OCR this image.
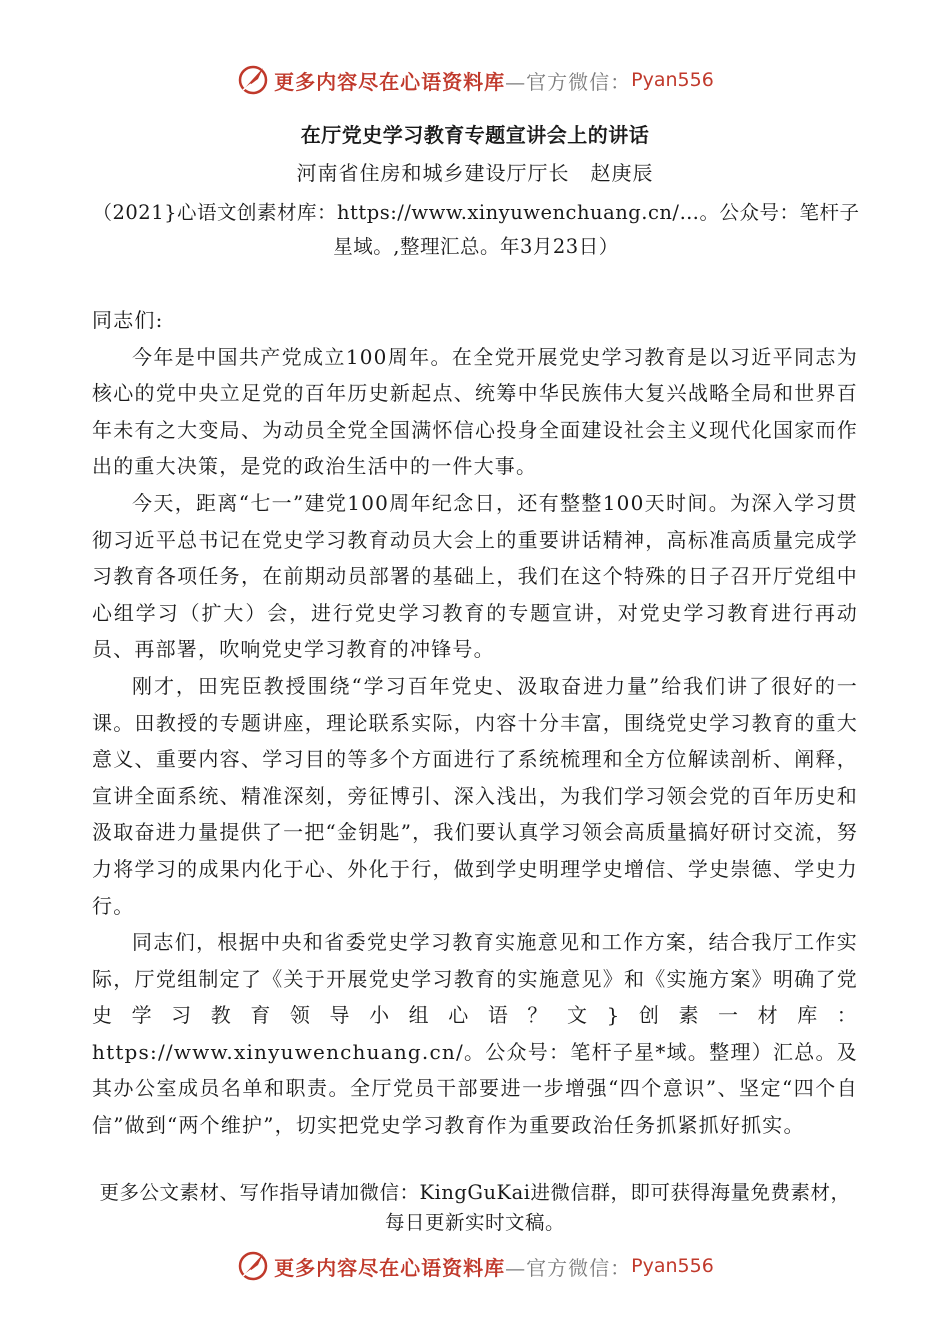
更多内容尽在心语资料库 —官方微信： Pyan556
在厅党史学习教育专题宣讲会上的讲话
河南省住房和城乡建设厅厅长　赵庚辰
（2021}心语文创素材库：https://www.xinyuwenchuang.cn/…。公众号：笔杆子星域。,整理汇总。年3月23日）

同志们:

今年是中国共产党成立100周年。在全党开展党史学习教育是以习近平同志为核心的党中央立足党的百年历史新起点、统筹中华民族伟大复兴战略全局和世界百年未有之大变局、为动员全党全国满怀信心投身全面建设社会主义现代化国家而作出的重大决策，是党的政治生活中的一件大事。

今天，距离“七一”建党100周年纪念日，还有整整100天时间。为深入学习贯彻习近平总书记在党史学习教育动员大会上的重要讲话精神，高标准高质量完成学习教育各项任务，在前期动员部署的基础上，我们在这个特殊的日子召开厅党组中心组学习（扩大）会，进行党史学习教育的专题宣讲，对党史学习教育进行再动员、再部署，吹响党史学习教育的冲锋号。

刚才，田宪臣教授围绕“学习百年党史、汲取奋进力量”给我们讲了很好的一课。田教授的专题讲座，理论联系实际，内容十分丰富，围绕党史学习教育的重大意义、重要内容、学习目的等多个方面进行了系统梳理和全方位解读剖析、阐释，宣讲全面系统、精准深刻，旁征博引、深入浅出，为我们学习领会党的百年历史和汲取奋进力量提供了一把“金钥匙”，我们要认真学习领会高质量搞好研讨交流，努力将学习的成果内化于心、外化于行，做到学史明理学史增信、学史崇德、学史力行。

同志们，根据中央和省委党史学习教育实施意见和工作方案，结合我厅工作实际，厅党组制定了《关于开展党史学习教育的实施意见》和《实施方案》明确了党史学习教育领导小组心语？文}创素一材库：https://www.xinyuwenchuang.cn/。公众号：笔杆子星*域。整理）汇总。及其办公室成员名单和职责。全厅党员干部要进一步增强“四个意识”、坚定“四个自信”做到“两个维护”，切实把党史学习教育作为重要政治任务抓紧抓好抓实。

更多公文素材、写作指导请加微信：KingGuKai进微信群，即可获得海量免费素材，每日更新实时文稿。
更多内容尽在心语资料库 —官方微信： Pyan556
